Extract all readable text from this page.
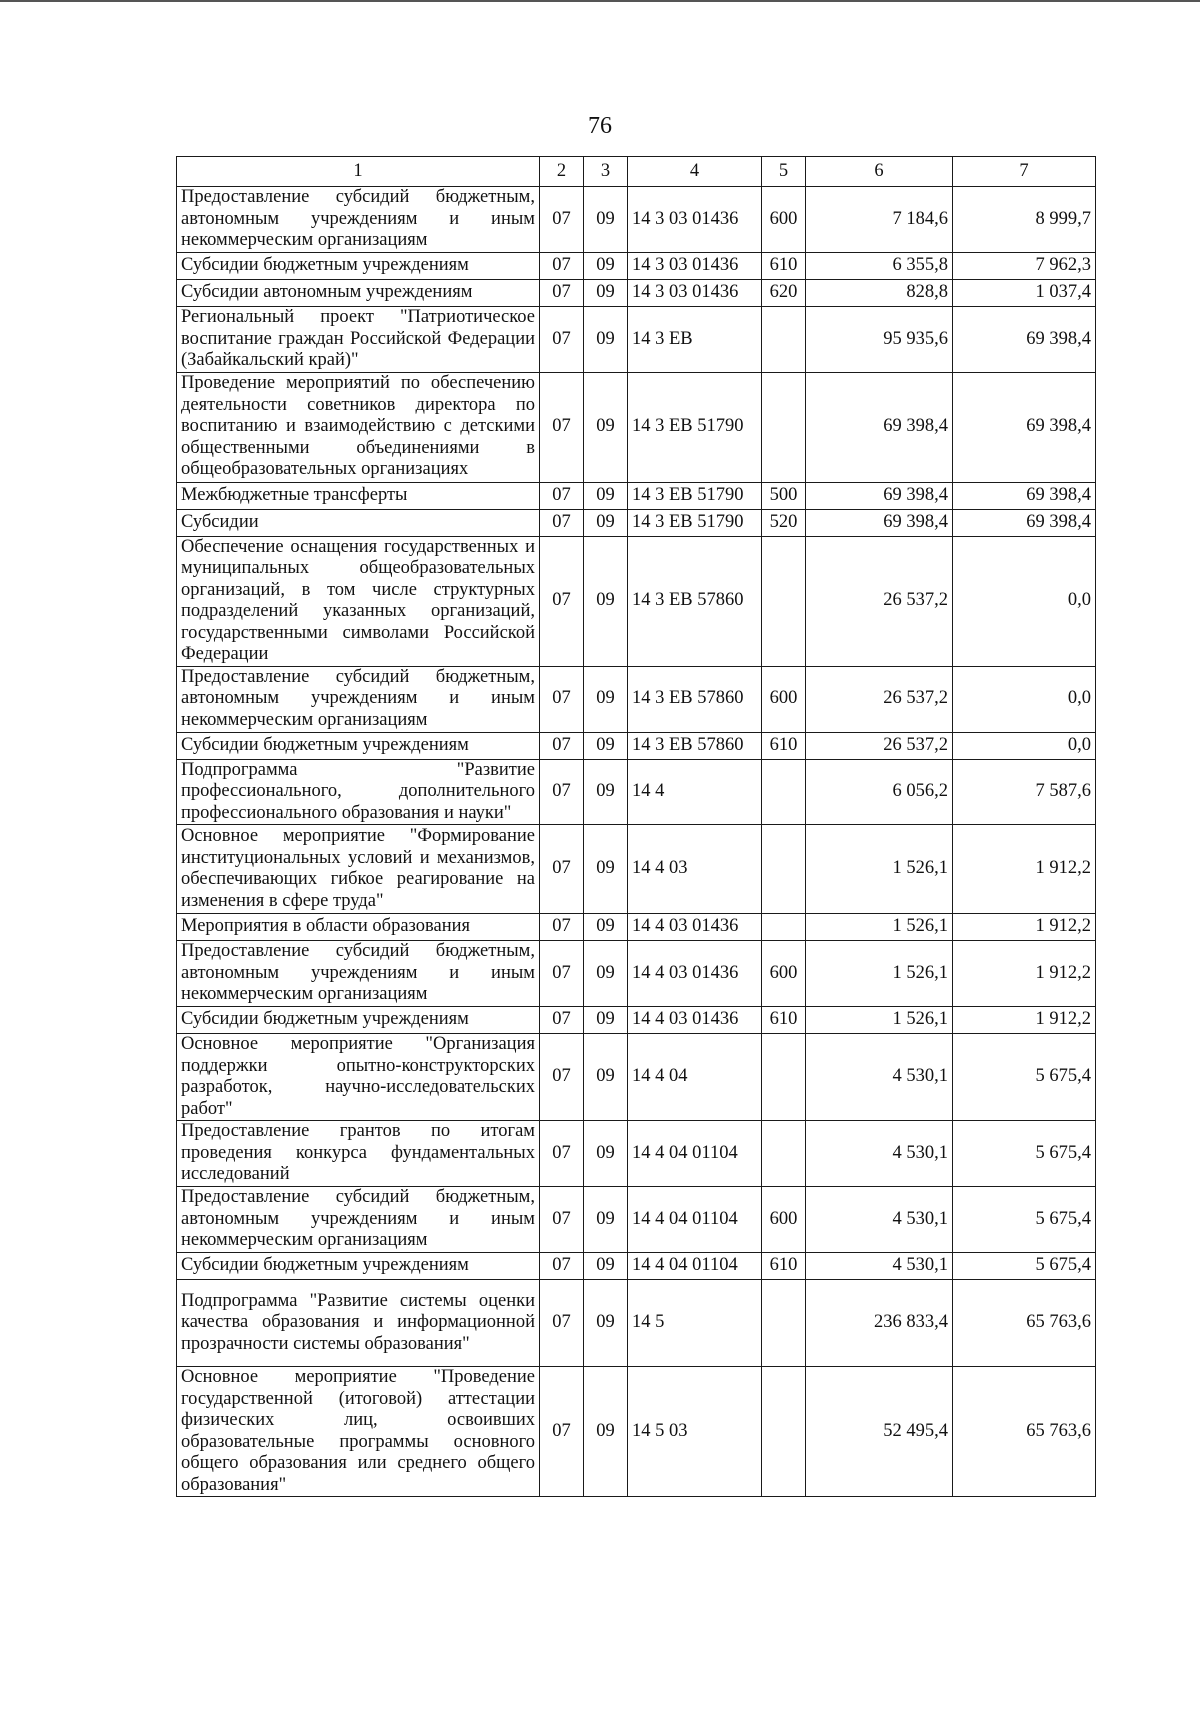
76
1	2	3	4	5	6	7
Предоставление субсидий бюджетным, автономным учреждениям и иным некоммерческим организациям	07	09	14 3 03 01436	600	7 184,6	8 999,7
Субсидии бюджетным учреждениям	07	09	14 3 03 01436	610	6 355,8	7 962,3
Субсидии автономным учреждениям	07	09	14 3 03 01436	620	828,8	1 037,4
Региональный проект "Патриотическое воспитание граждан Российской Федерации (Забайкальский край)"	07	09	14 3 EB		95 935,6	69 398,4
Проведение мероприятий по обеспечению деятельности советников директора по воспитанию и взаимодействию с детскими общественными объединениями в общеобразовательных организациях	07	09	14 3 EB 51790		69 398,4	69 398,4
Межбюджетные трансферты	07	09	14 3 EB 51790	500	69 398,4	69 398,4
Субсидии	07	09	14 3 EB 51790	520	69 398,4	69 398,4
Обеспечение оснащения государственных и муниципальных общеобразовательных организаций, в том числе структурных подразделений указанных организаций, государственными символами Российской Федерации	07	09	14 3 EB 57860		26 537,2	0,0
Предоставление субсидий бюджетным, автономным учреждениям и иным некоммерческим организациям	07	09	14 3 EB 57860	600	26 537,2	0,0
Субсидии бюджетным учреждениям	07	09	14 3 EB 57860	610	26 537,2	0,0
Подпрограмма "Развитие профессионального, дополнительного профессионального образования и науки"	07	09	14 4		6 056,2	7 587,6
Основное мероприятие "Формирование институциональных условий и механизмов, обеспечивающих гибкое реагирование на изменения в сфере труда"	07	09	14 4 03		1 526,1	1 912,2
Мероприятия в области образования	07	09	14 4 03 01436		1 526,1	1 912,2
Предоставление субсидий бюджетным, автономным учреждениям и иным некоммерческим организациям	07	09	14 4 03 01436	600	1 526,1	1 912,2
Субсидии бюджетным учреждениям	07	09	14 4 03 01436	610	1 526,1	1 912,2
Основное мероприятие "Организация поддержки опытно-конструкторских разработок, научно-исследовательских работ"	07	09	14 4 04		4 530,1	5 675,4
Предоставление грантов по итогам проведения конкурса фундаментальных исследований	07	09	14 4 04 01104		4 530,1	5 675,4
Предоставление субсидий бюджетным, автономным учреждениям и иным некоммерческим организациям	07	09	14 4 04 01104	600	4 530,1	5 675,4
Субсидии бюджетным учреждениям	07	09	14 4 04 01104	610	4 530,1	5 675,4
Подпрограмма "Развитие системы оценки качества образования и информационной прозрачности системы образования"	07	09	14 5		236 833,4	65 763,6
Основное мероприятие "Проведение государственной (итоговой) аттестации физических лиц, освоивших образовательные программы основного общего образования или среднего общего образования"	07	09	14 5 03		52 495,4	65 763,6
